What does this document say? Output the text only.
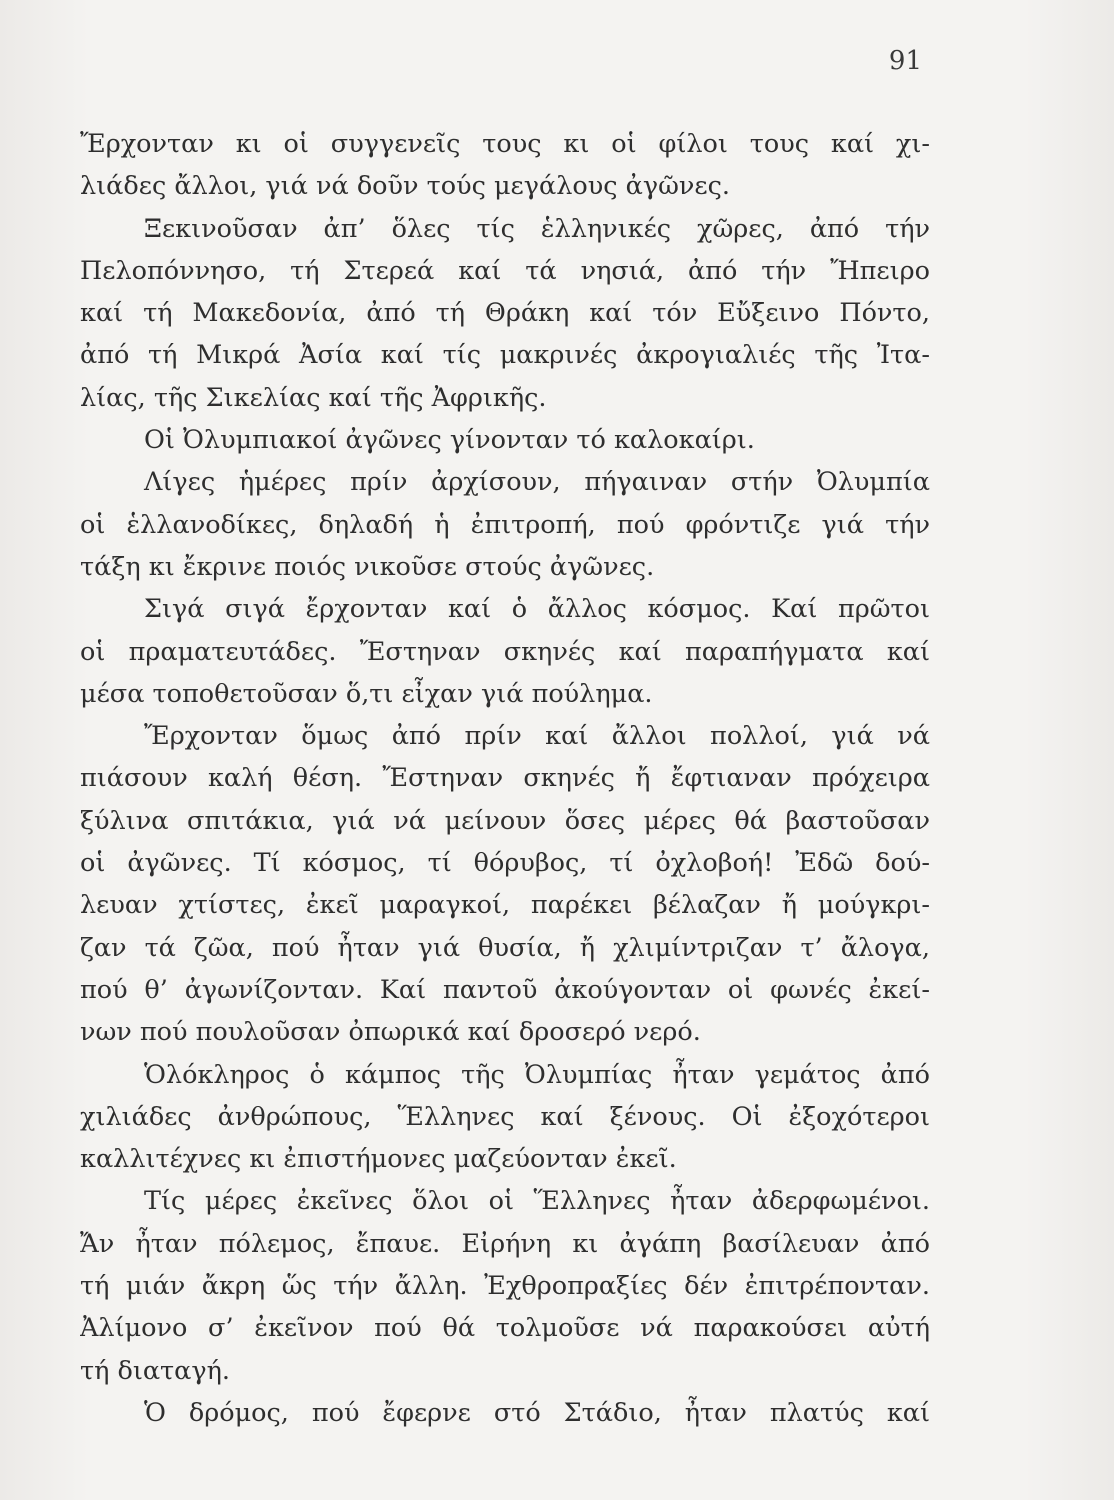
91
Ἔρχονταν κι οἱ συγγενεῖς τους κι οἱ φίλοι τους καί χι-
λιάδες ἄλλοι, γιά νά δοῦν τούς μεγάλους ἀγῶνες.
Ξεκινοῦσαν ἀπ’ ὅλες τίς ἑλληνικές χῶρες, ἀπό τήν
Πελοπόννησο, τή Στερεά καί τά νησιά, ἀπό τήν Ἤπειρο
καί τή Μακεδονία, ἀπό τή Θράκη καί τόν Εὔξεινο Πόντο,
ἀπό τή Μικρά Ἀσία καί τίς μακρινές ἀκρογιαλιές τῆς Ἰτα-
λίας, τῆς Σικελίας καί τῆς Ἀφρικῆς.
Οἱ Ὀλυμπιακοί ἀγῶνες γίνονταν τό καλοκαίρι.
Λίγες ἡμέρες πρίν ἀρχίσουν, πήγαιναν στήν Ὀλυμπία
οἱ ἑλλανοδίκες, δηλαδή ἡ ἐπιτροπή, πού φρόντιζε γιά τήν
τάξη κι ἔκρινε ποιός νικοῦσε στούς ἀγῶνες.
Σιγά σιγά ἔρχονταν καί ὁ ἄλλος κόσμος. Καί πρῶτοι
οἱ πραματευτάδες. Ἔστηναν σκηνές καί παραπήγματα καί
μέσα τοποθετοῦσαν ὅ,τι εἶχαν γιά πούλημα.
Ἔρχονταν ὅμως ἀπό πρίν καί ἄλλοι πολλοί, γιά νά
πιάσουν καλή θέση. Ἔστηναν σκηνές ἤ ἔφτιαναν πρόχειρα
ξύλινα σπιτάκια, γιά νά μείνουν ὅσες μέρες θά βαστοῦσαν
οἱ ἀγῶνες. Τί κόσμος, τί θόρυβος, τί ὀχλοβοή! Ἐδῶ δού-
λευαν χτίστες, ἐκεῖ μαραγκοί, παρέκει βέλαζαν ἤ μούγκρι-
ζαν τά ζῶα, πού ἦταν γιά θυσία, ἤ χλιμίντριζαν τ’ ἄλογα,
πού θ’ ἀγωνίζονταν. Καί παντοῦ ἀκούγονταν οἱ φωνές ἐκεί-
νων πού πουλοῦσαν ὀπωρικά καί δροσερό νερό.
Ὁλόκληρος ὁ κάμπος τῆς Ὀλυμπίας ἦταν γεμάτος ἀπό
χιλιάδες ἀνθρώπους, Ἕλληνες καί ξένους. Οἱ ἐξοχότεροι
καλλιτέχνες κι ἐπιστήμονες μαζεύονταν ἐκεῖ.
Τίς μέρες ἐκεῖνες ὅλοι οἱ Ἕλληνες ἦταν ἀδερφωμένοι.
Ἄν ἦταν πόλεμος, ἔπαυε. Εἰρήνη κι ἀγάπη βασίλευαν ἀπό
τή μιάν ἄκρη ὥς τήν ἄλλη. Ἐχθροπραξίες δέν ἐπιτρέπονταν.
Ἀλίμονο σ’ ἐκεῖνον πού θά τολμοῦσε νά παρακούσει αὐτή
τή διαταγή.
Ὁ δρόμος, πού ἔφερνε στό Στάδιο, ἦταν πλατύς καί
